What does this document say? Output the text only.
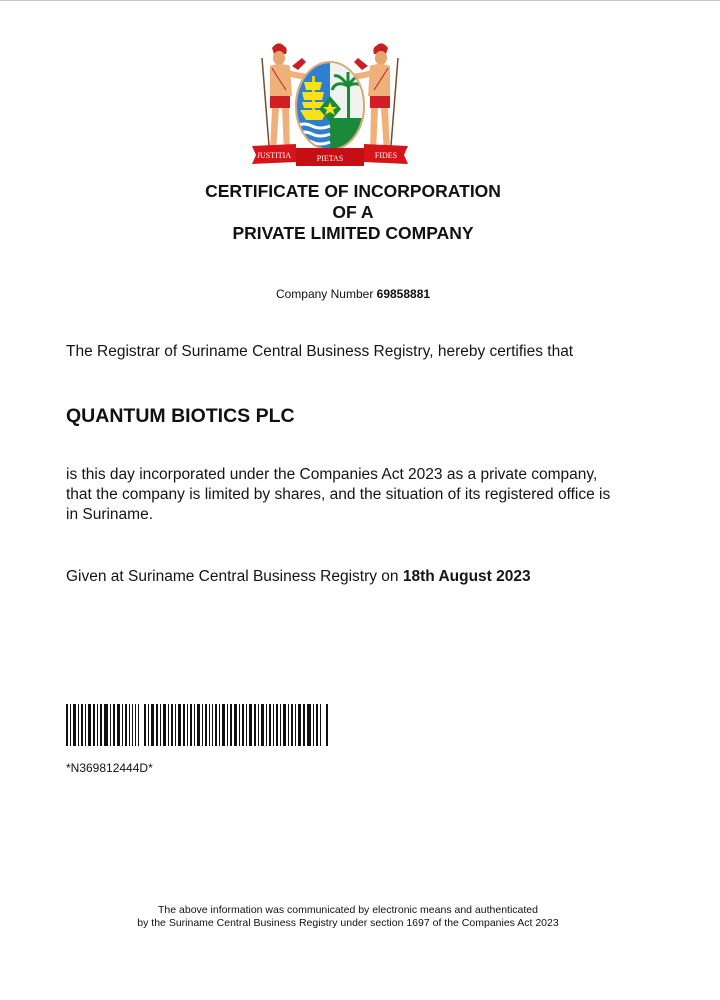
JUSTITIA	PIETAS	FIDES
CERTIFICATE OF INCORPORATION
OF A
PRIVATE LIMITED COMPANY
Company Number 69858881
The Registrar of Suriname Central Business Registry, hereby certifies that
QUANTUM BIOTICS PLC
is this day incorporated under the Companies Act 2023 as a private company, that the company is limited by shares, and the situation of its registered office is in Suriname.
Given at Suriname Central Business Registry on 18th August 2023
*N369812444D*
The above information was communicated by electronic means and authenticated
by the Suriname Central Business Registry under section 1697 of the Companies Act 2023
